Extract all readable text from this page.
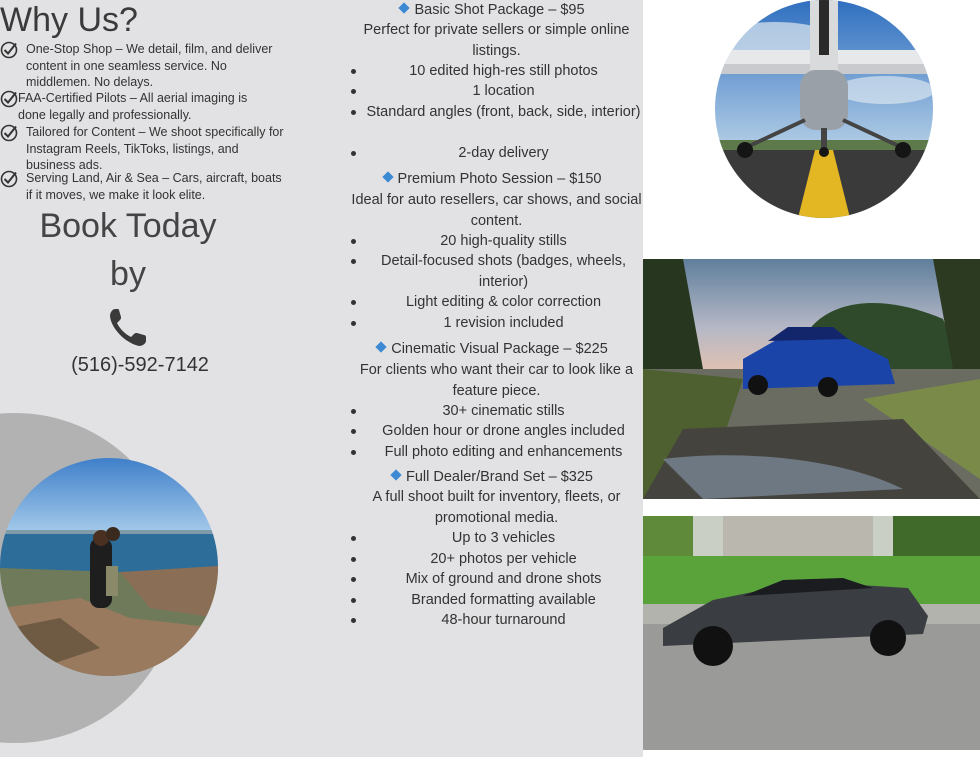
Why Us?
One-Stop Shop – We detail, film, and deliver content in one seamless service. No middlemen. No delays.
FAA-Certified Pilots – All aerial imaging is done legally and professionally.
Tailored for Content – We shoot specifically for Instagram Reels, TikToks, listings, and business ads.
Serving Land, Air & Sea – Cars, aircraft, boats if it moves, we make it look elite.
Book Today
by
(516)-592-7142
Basic Shot Package – $95
Perfect for private sellers or simple online listings.
10 edited high-res still photos
1 location
Standard angles (front, back, side, interior)
2-day delivery
Premium Photo Session – $150
Ideal for auto resellers, car shows, and social content.
20 high-quality stills
Detail-focused shots (badges, wheels, interior)
Light editing & color correction
1 revision included
Cinematic Visual Package – $225
For clients who want their car to look like a feature piece.
30+ cinematic stills
Golden hour or drone angles included
Full photo editing and enhancements
Full Dealer/Brand Set – $325
A full shoot built for inventory, fleets, or promotional media.
Up to 3 vehicles
20+ photos per vehicle
Mix of ground and drone shots
Branded formatting available
48-hour turnaround
